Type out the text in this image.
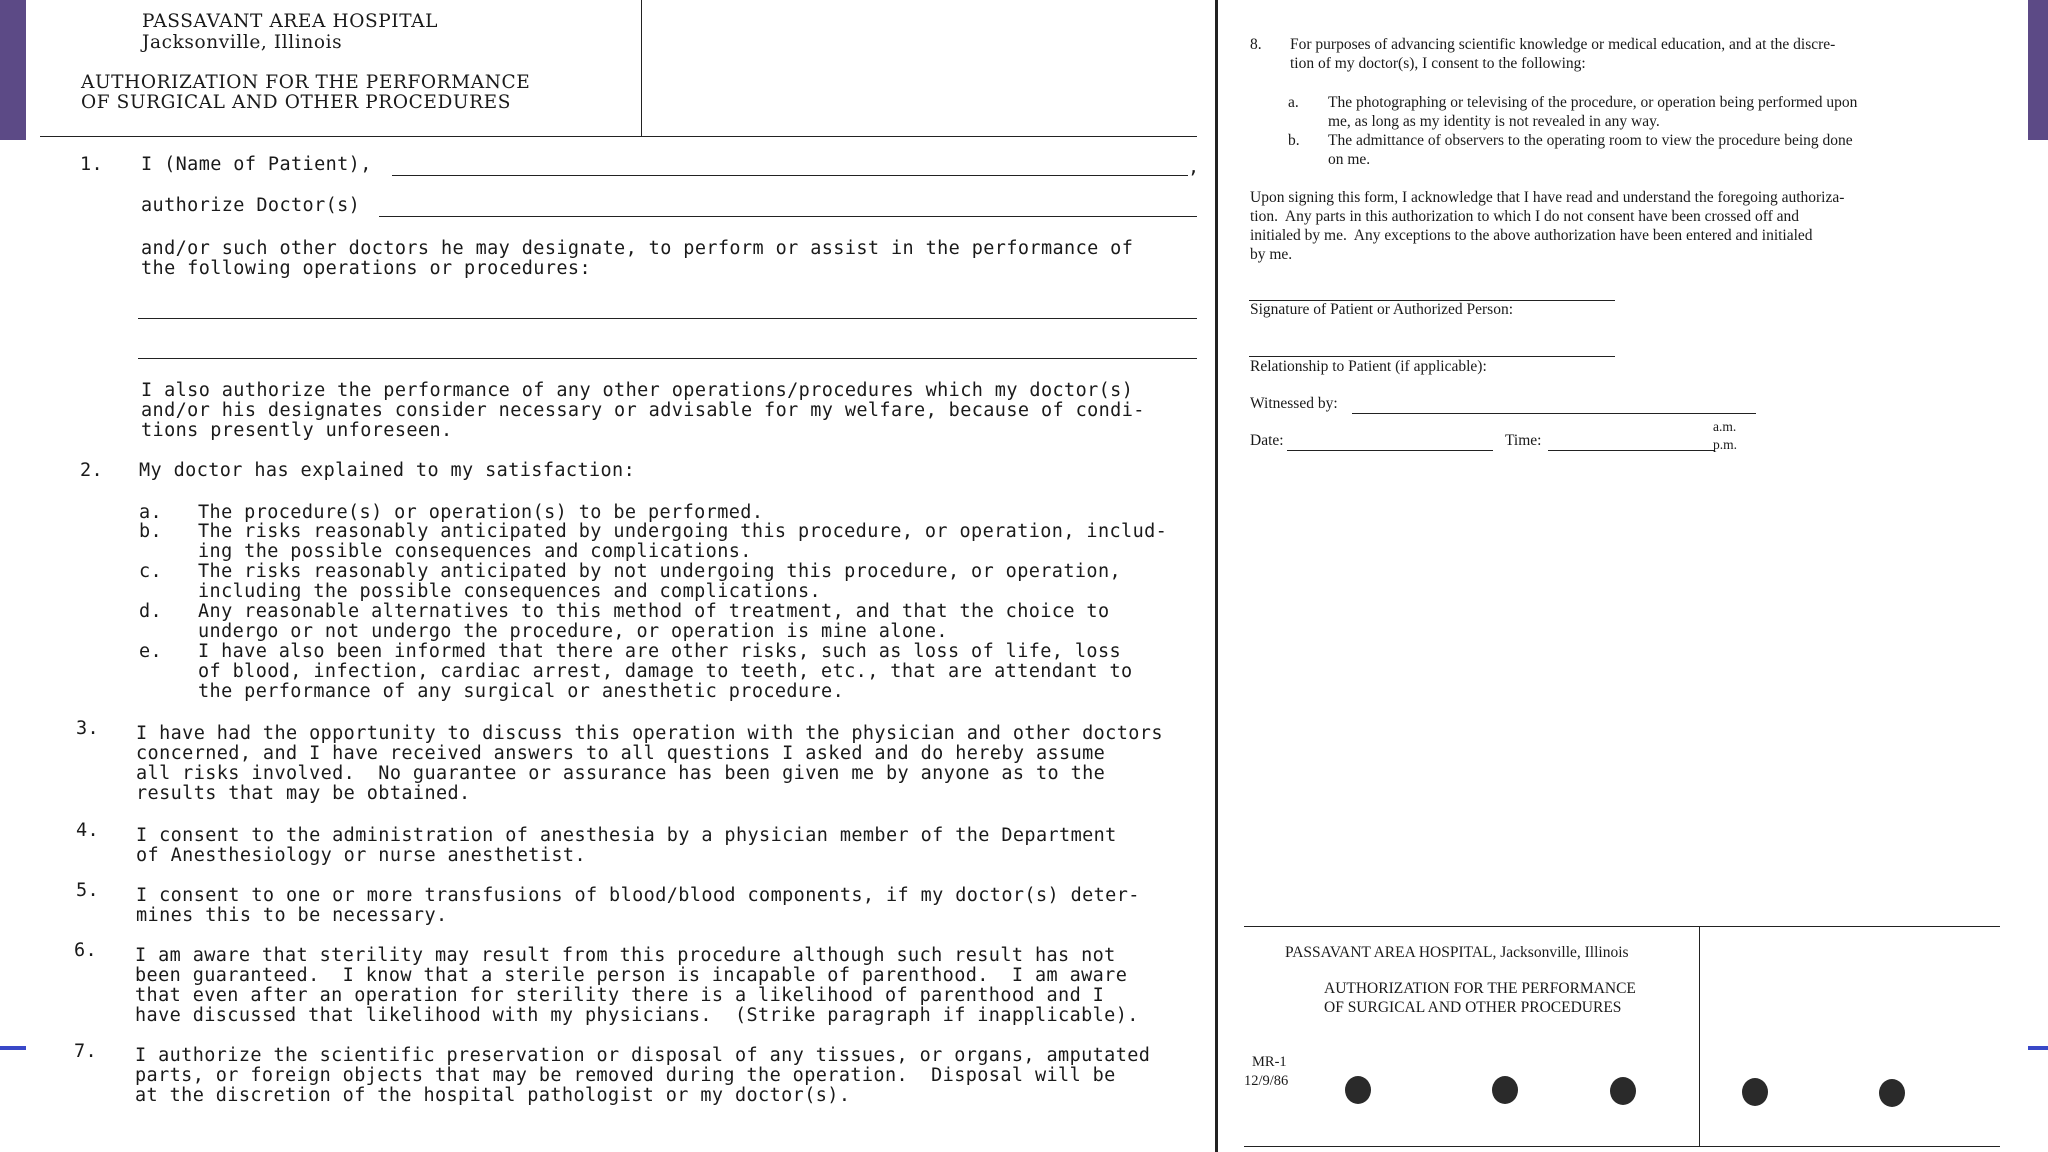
PASSAVANT AREA HOSPITAL
Jacksonville, Illinois
AUTHORIZATION FOR THE PERFORMANCE
OF SURGICAL AND OTHER PROCEDURES
1. I (Name of Patient),	,
authorize Doctor(s)
and/or such other doctors he may designate, to perform or assist in the performance of
the following operations or procedures:
I also authorize the performance of any other operations/procedures which my doctor(s)
and/or his designates consider necessary or advisable for my welfare, because of condi-
tions presently unforeseen.
2. My doctor has explained to my satisfaction:
a. The procedure(s) or operation(s) to be performed.
b. The risks reasonably anticipated by undergoing this procedure, or operation, includ-
ing the possible consequences and complications.
c. The risks reasonably anticipated by not undergoing this procedure, or operation,
including the possible consequences and complications.
d. Any reasonable alternatives to this method of treatment, and that the choice to
undergo or not undergo the procedure, or operation is mine alone.
e. I have also been informed that there are other risks, such as loss of life, loss
of blood, infection, cardiac arrest, damage to teeth, etc., that are attendant to
the performance of any surgical or anesthetic procedure.
3. I have had the opportunity to discuss this operation with the physician and other doctors
concerned, and I have received answers to all questions I asked and do hereby assume
all risks involved.  No guarantee or assurance has been given me by anyone as to the
results that may be obtained.
4. I consent to the administration of anesthesia by a physician member of the Department
of Anesthesiology or nurse anesthetist.
5. I consent to one or more transfusions of blood/blood components, if my doctor(s) deter-
mines this to be necessary.
6. I am aware that sterility may result from this procedure although such result has not
been guaranteed.  I know that a sterile person is incapable of parenthood.  I am aware
that even after an operation for sterility there is a likelihood of parenthood and I
have discussed that likelihood with my physicians.  (Strike paragraph if inapplicable).
7. I authorize the scientific preservation or disposal of any tissues, or organs, amputated
parts, or foreign objects that may be removed during the operation.  Disposal will be
at the discretion of the hospital pathologist or my doctor(s).
8. For purposes of advancing scientific knowledge or medical education, and at the discre-
tion of my doctor(s), I consent to the following:
a. The photographing or televising of the procedure, or operation being performed upon
me, as long as my identity is not revealed in any way.
b. The admittance of observers to the operating room to view the procedure being done
on me.
Upon signing this form, I acknowledge that I have read and understand the foregoing authoriza-
tion.  Any parts in this authorization to which I do not consent have been crossed off and
initialed by me.  Any exceptions to the above authorization have been entered and initialed
by me.
Signature of Patient or Authorized Person:
Relationship to Patient (if applicable):
Witnessed by:
a.m.
Date:	Time:	p.m.
PASSAVANT AREA HOSPITAL, Jacksonville, Illinois
AUTHORIZATION FOR THE PERFORMANCE
OF SURGICAL AND OTHER PROCEDURES
MR-1
12/9/86
